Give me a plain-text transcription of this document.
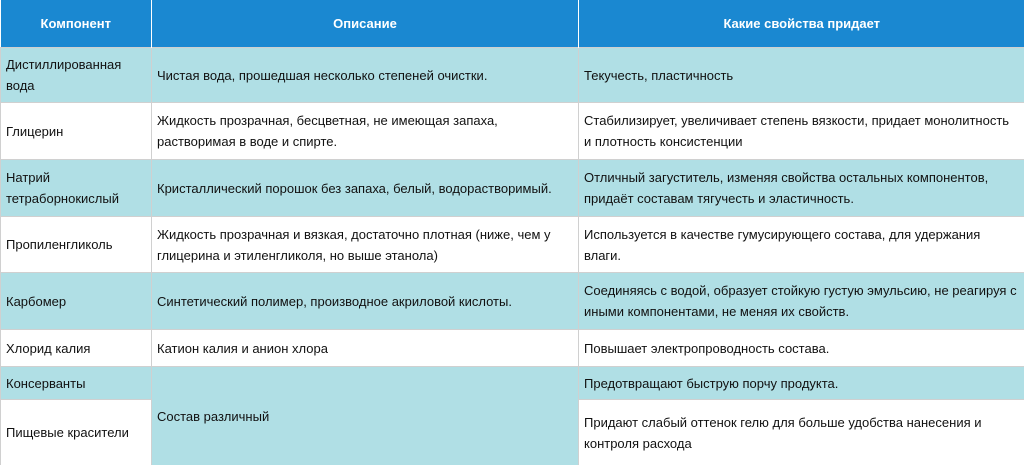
Компонент	Описание	Какие свойства придает
Дистиллированная вода	Чистая вода, прошедшая несколько степеней очистки.	Текучесть, пластичность
Глицерин	Жидкость прозрачная, бесцветная, не имеющая запаха, растворимая в воде и спирте.	Стабилизирует, увеличивает степень вязкости, придает монолитность и плотность консистенции
Натрий тетраборнокислый	Кристаллический порошок без запаха, белый, водорастворимый.	Отличный загуститель, изменяя свойства остальных компонентов, придаёт составам тягучесть и эластичность.
Пропиленгликоль	Жидкость прозрачная и вязкая, достаточно плотная (ниже, чем у глицерина и этиленгликоля, но выше этанола)	Используется в качестве гумусирующего состава, для удержания влаги.
Карбомер	Синтетический полимер, производное акриловой кислоты.	Соединяясь с водой, образует стойкую густую эмульсию, не реагируя с иными компонентами, не меняя их свойств.
Хлорид калия	Катион калия и анион хлора	Повышает электропроводность состава.
Консерванты	Состав различный	Предотвращают быструю порчу продукта.
Пищевые красители		Придают слабый оттенок гелю для больше удобства нанесения и контроля расхода
